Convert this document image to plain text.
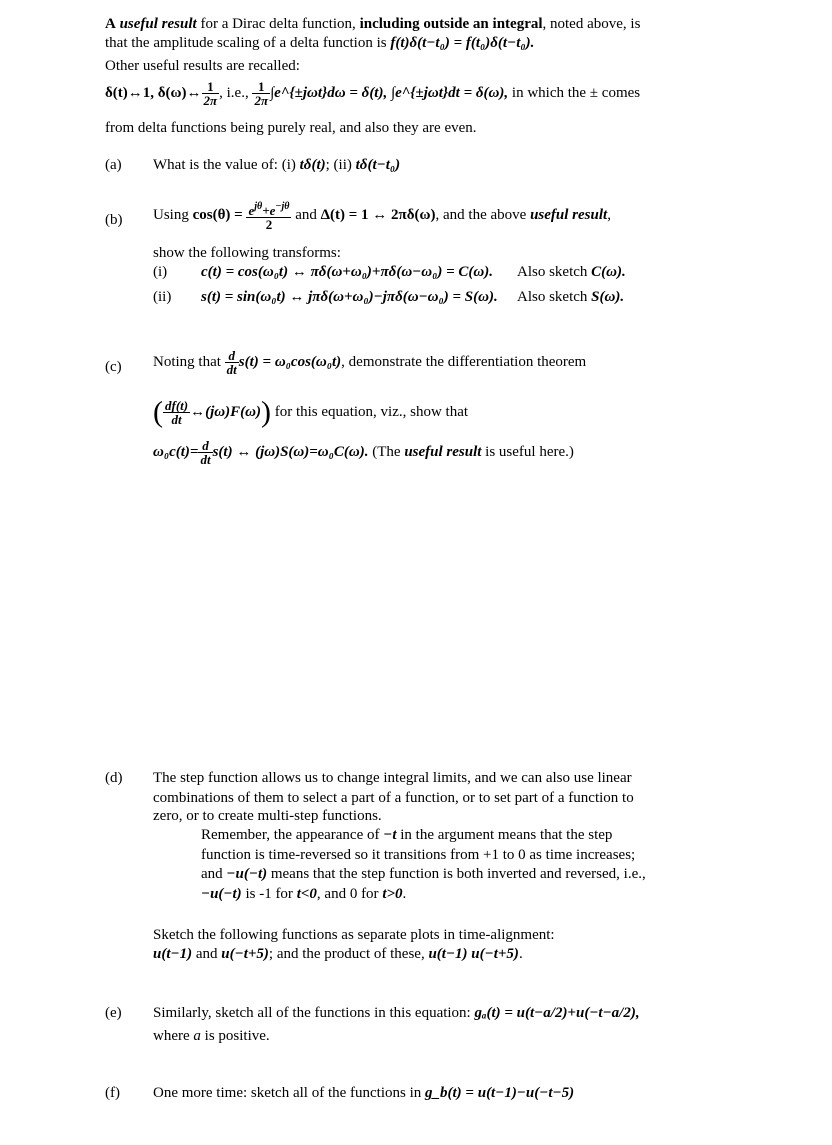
A useful result for a Dirac delta function, including outside an integral, noted above, is
that the amplitude scaling of a delta function is f(t)δ(t−t₀) = f(t₀)δ(t−t₀).
Other useful results are recalled:
δ(t)↔1, δ(ω)↔ $\frac{1}{2\pi}$ , i.e., $\frac{1}{2\pi}$ ∫e^{±jωt}dω = δ(t), ∫e^{±jωt}dt = δ(ω), in which the ± comes
from delta functions being purely real, and also they are even.
(a) What is the value of: (i) tδ(t); (ii) tδ(t−t₀)
(b) Using $\cos(\theta) = \frac{e^{j\theta}+e^{-j\theta}}{2}$ and Δ(t) = 1 ↔ 2πδ(ω), and the above useful result,
show the following transforms:
(i) c(t) = cos(ω₀t) ↔ πδ(ω+ω₀)+πδ(ω−ω₀) = C(ω). Also sketch C(ω).
(ii) s(t) = sin(ω₀t) ↔ jπδ(ω+ω₀)−jπδ(ω−ω₀) = S(ω). Also sketch S(ω).
(c) Noting that $\frac{d}{dt} s(t) = \omega_0\cos(\omega_0t)$, demonstrate the differentiation theorem
( $\frac{df(t)}{dt}$ ↔(jω)F(ω)) for this equation, viz., show that
$\omega_0c(t)= \frac{d}{dt} s(t)$ ↔ (jω)S(ω)=ω₀C(ω). (The useful result is useful here.)
(d) The step function allows us to change integral limits, and we can also use linear
combinations of them to select a part of a function, or to set part of a function to
zero, or to create multi-step functions.
Remember, the appearance of −t in the argument means that the step
function is time-reversed so it transitions from +1 to 0 as time increases;
and −u(−t) means that the step function is both inverted and reversed, i.e.,
−u(−t) is -1 for t<0, and 0 for t>0.
Sketch the following functions as separate plots in time-alignment:
u(t−1) and u(−t+5); and the product of these, u(t−1) u(−t+5).
(e) Similarly, sketch all of the functions in this equation: gₐ(t) = u(t−a/2)+u(−t−a/2),
where a is positive.
(f) One more time: sketch all of the functions in g_b(t) = u(t−1)−u(−t−5)
